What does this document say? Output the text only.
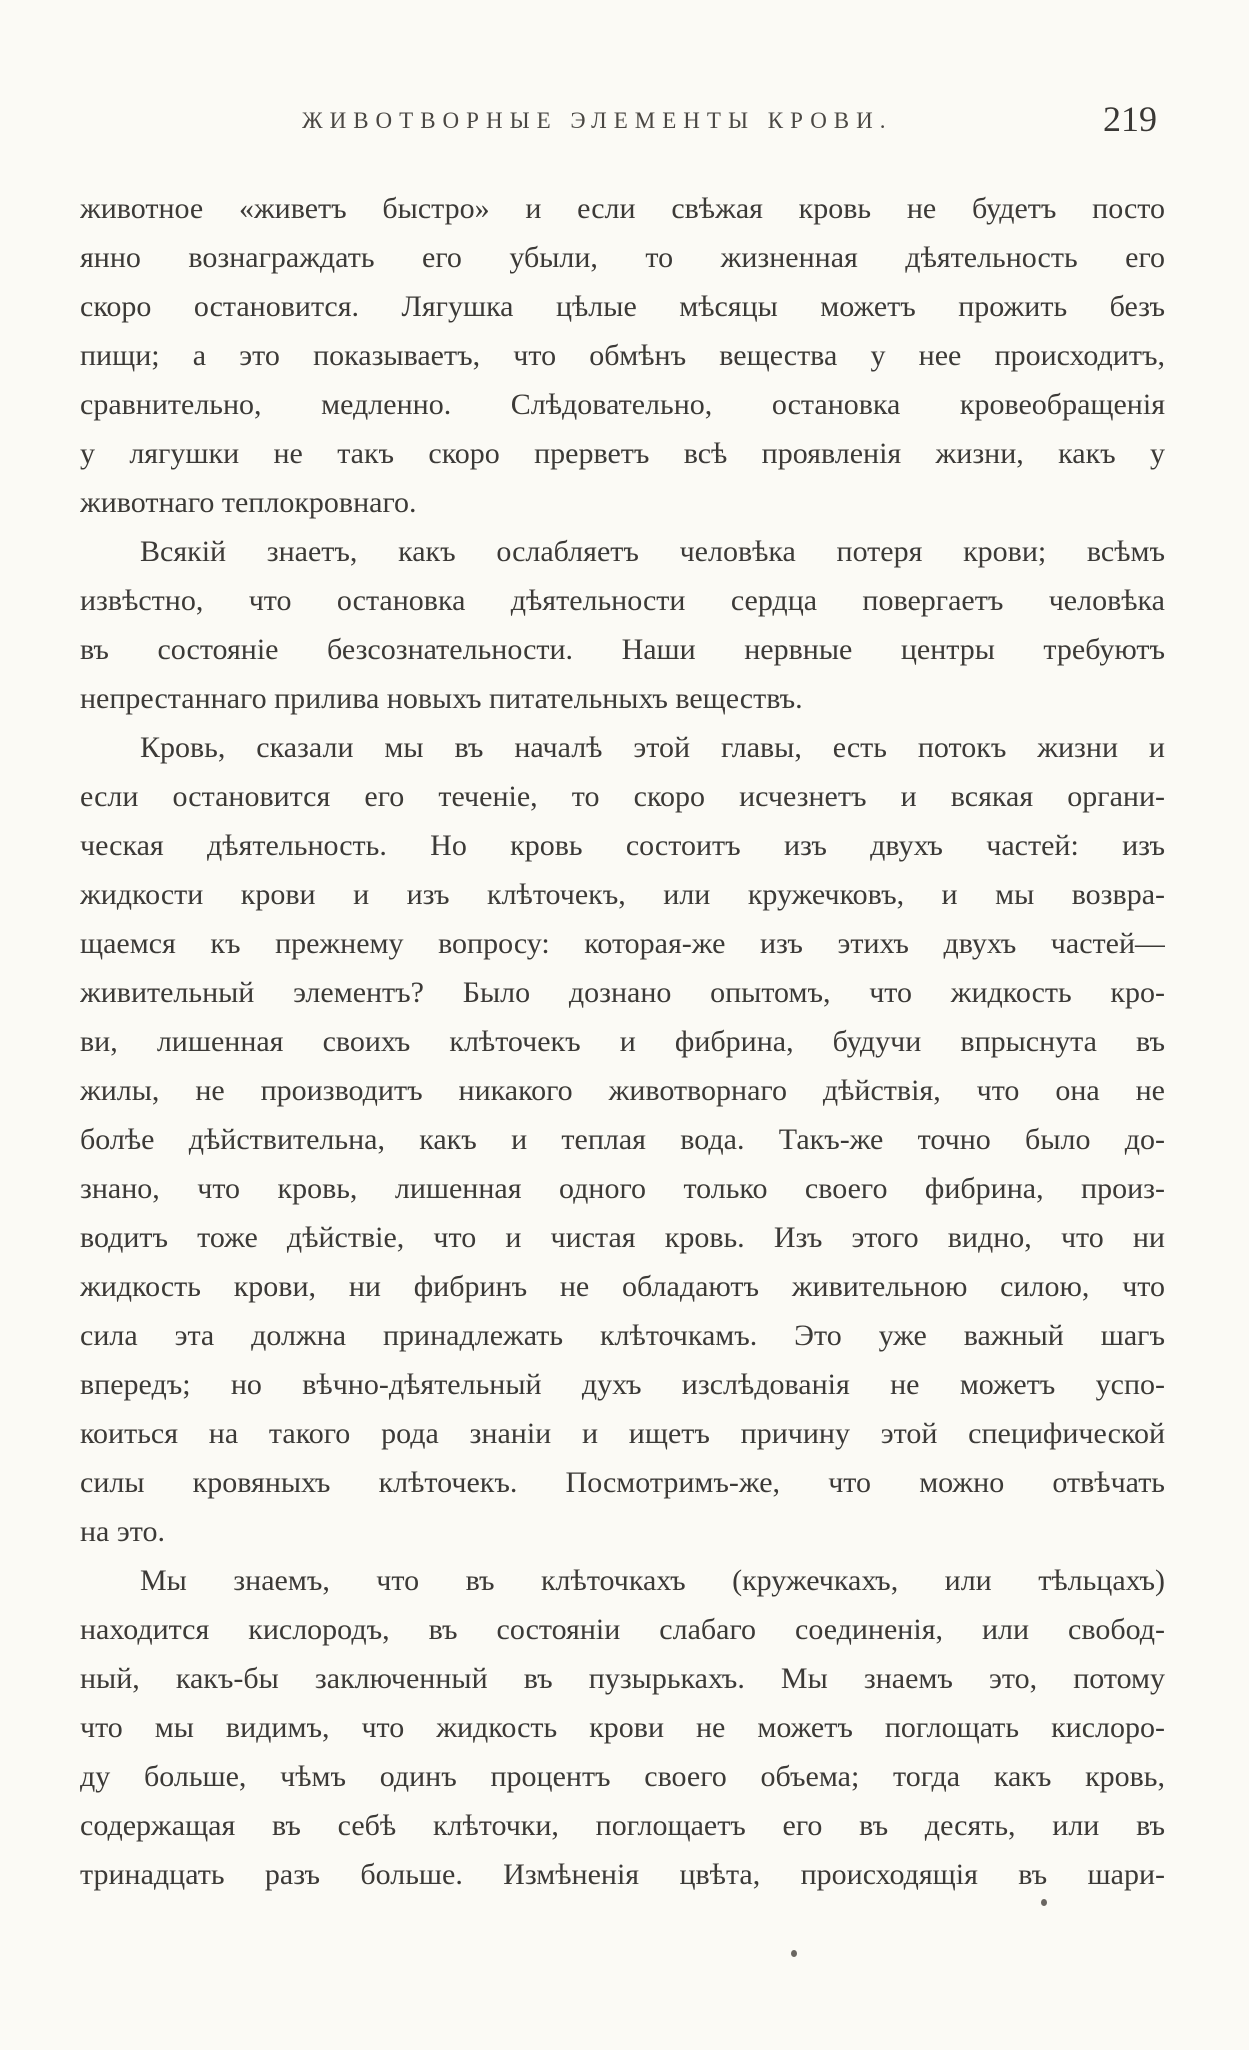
ЖИВОТВОРНЫЕ ЭЛЕМЕНТЫ КРОВИ.	219
животное «живетъ быстро» и если свѣжая кровь не будетъ посто
янно вознаграждать его убыли, то жизненная дѣятельность его
скоро остановится. Лягушка цѣлые мѣсяцы можетъ прожить безъ
пищи; а это показываетъ, что обмѣнъ вещества у нее происходитъ,
сравнительно, медленно. Слѣдовательно, остановка кровеобращенія
у лягушки не такъ скоро прерветъ всѣ проявленія жизни, какъ у
животнаго теплокровнаго.
Всякій знаетъ, какъ ослабляетъ человѣка потеря крови; всѣмъ
извѣстно, что остановка дѣятельности сердца повергаетъ человѣка
въ состояніе безсознательности. Наши нервные центры требуютъ
непрестаннаго прилива новыхъ питательныхъ веществъ.
Кровь, сказали мы въ началѣ этой главы, есть потокъ жизни и
если остановится его теченіе, то скоро исчезнетъ и всякая органи-
ческая дѣятельность. Но кровь состоитъ изъ двухъ частей: изъ
жидкости крови и изъ клѣточекъ, или кружечковъ, и мы возвра-
щаемся къ прежнему вопросу: которая-же изъ этихъ двухъ частей—
живительный элементъ? Было дознано опытомъ, что жидкость кро-
ви, лишенная своихъ клѣточекъ и фибрина, будучи впрыснута въ
жилы, не производитъ никакого животворнаго дѣйствія, что она не
болѣе дѣйствительна, какъ и теплая вода. Такъ-же точно было до-
знано, что кровь, лишенная одного только своего фибрина, произ-
водитъ тоже дѣйствіе, что и чистая кровь. Изъ этого видно, что ни
жидкость крови, ни фибринъ не обладаютъ живительною силою, что
сила эта должна принадлежать клѣточкамъ. Это уже важный шагъ
впередъ; но вѣчно-дѣятельный духъ изслѣдованія не можетъ успо-
коиться на такого рода знаніи и ищетъ причину этой специфической
силы кровяныхъ клѣточекъ. Посмотримъ-же, что можно отвѣчать
на это.
Мы знаемъ, что въ клѣточкахъ (кружечкахъ, или тѣльцахъ)
находится кислородъ, въ состояніи слабаго соединенія, или свобод-
ный, какъ-бы заключенный въ пузырькахъ. Мы знаемъ это, потому
что мы видимъ, что жидкость крови не можетъ поглощать кислоро-
ду больше, чѣмъ одинъ процентъ своего объема; тогда какъ кровь,
содержащая въ себѣ клѣточки, поглощаетъ его въ десять, или въ
тринадцать разъ больше. Измѣненія цвѣта, происходящія въ шари-
